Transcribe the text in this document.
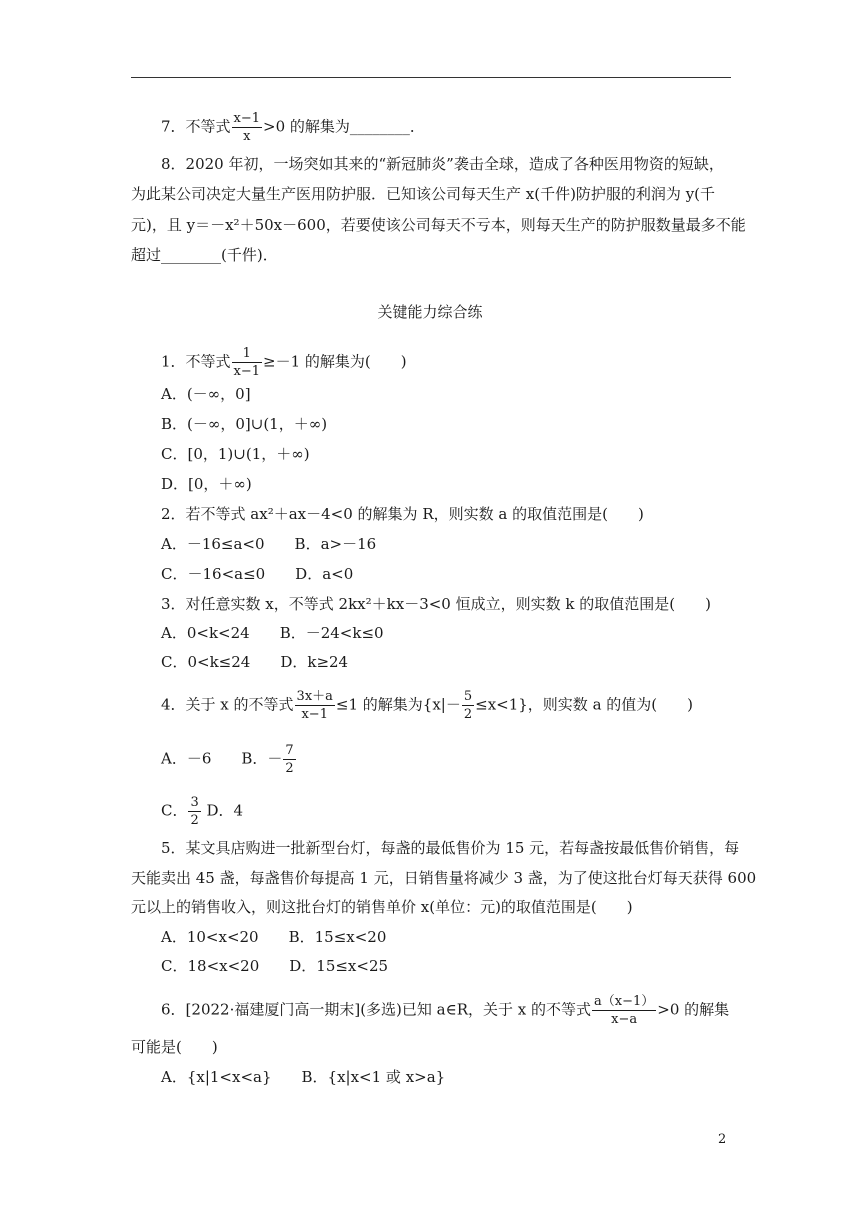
7．不等式 $\frac{x-1}{x} >0$ 的解集为________．
8．2020 年初，一场突如其来的“新冠肺炎”袭击全球，造成了各种医用物资的短缺，
为此某公司决定大量生产医用防护服．已知该公司每天生产 x(千件)防护服的利润为 y(千
元)，且 y＝－x²＋50x－600，若要使该公司每天不亏本，则每天生产的防护服数量最多不能
超过________(千件)．
关键能力综合练
1．不等式 $\frac{1}{x-1} \ge-1$ 的解集为(　　)
A．(－∞，0]
B．(－∞，0]∪(1，＋∞)
C．[0，1)∪(1，＋∞)
D．[0，＋∞)
2．若不等式 ax²＋ax－4<0 的解集为 R，则实数 a 的取值范围是(　　)
A．－16≤a<0　　B．a>－16
C．－16<a≤0　　D．a<0
3．对任意实数 x，不等式 2kx²＋kx－3<0 恒成立，则实数 k 的取值范围是(　　)
A．0<k<24　　B．－24<k≤0
C．0<k≤24　　D．k≥24
4．关于 x 的不等式 $\frac{3x+a}{x-1} \le 1$ 的解集为$\{x|- \frac{5}{2} \le x<1\}$，则实数 a 的值为(　　)
A．－6　　B．－ $\frac{7}{2}$
C． $\frac{3}{2}$ D．4
5．某文具店购进一批新型台灯，每盏的最低售价为 15 元，若每盏按最低售价销售，每
天能卖出 45 盏，每盏售价每提高 1 元，日销售量将减少 3 盏，为了使这批台灯每天获得 600
元以上的销售收入，则这批台灯的销售单价 x(单位：元)的取值范围是(　　)
A．10<x<20　　B．15≤x<20
C．18<x<20　　D．15≤x<25
6．[2022·福建厦门高一期末](多选)已知 a∈R，关于 x 的不等式 $\frac{a(x-1)}{x-a} >0$ 的解集
可能是(　　)
A．{x|1<x<a}　　B．{x|x<1 或 x>a}
2
